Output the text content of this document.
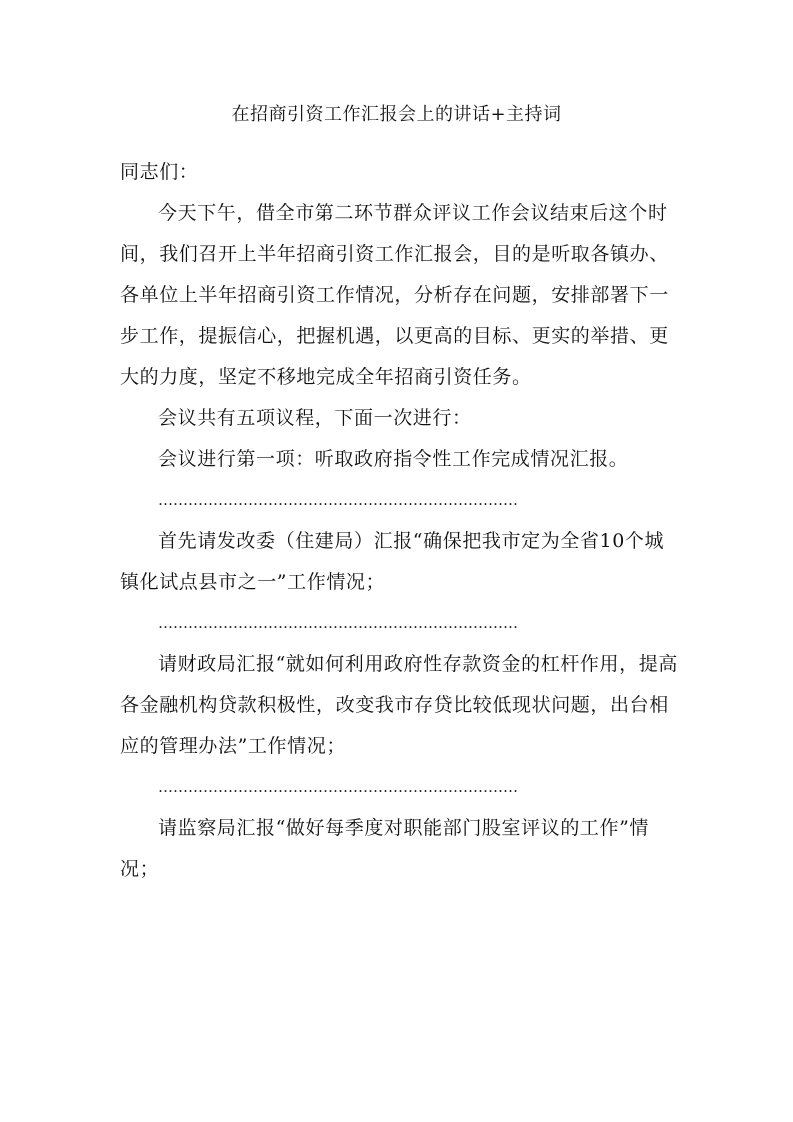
在招商引资工作汇报会上的讲话+主持词

同志们：

今天下午，借全市第二环节群众评议工作会议结束后这个时间，我们召开上半年招商引资工作汇报会，目的是听取各镇办、各单位上半年招商引资工作情况，分析存在问题，安排部署下一步工作，提振信心，把握机遇，以更高的目标、更实的举措、更大的力度，坚定不移地完成全年招商引资任务。

会议共有五项议程，下面一次进行：

会议进行第一项：听取政府指令性工作完成情况汇报。

………………………………………………………………

首先请发改委（住建局）汇报“确保把我市定为全省10个城镇化试点县市之一”工作情况；

………………………………………………………………

请财政局汇报“就如何利用政府性存款资金的杠杆作用，提高各金融机构贷款积极性，改变我市存贷比较低现状问题，出台相应的管理办法”工作情况；

………………………………………………………………

请监察局汇报“做好每季度对职能部门股室评议的工作”情况；
